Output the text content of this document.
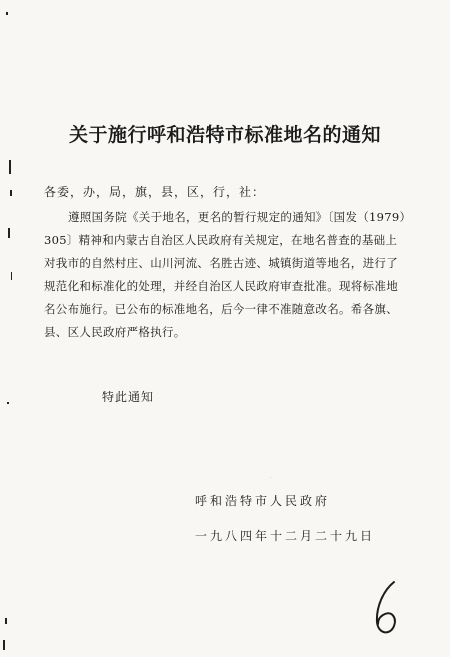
关于施行呼和浩特市标准地名的通知
各委，办，局，旗，县，区，行，社：
遵照国务院《关于地名，更名的暂行规定的通知》〔国发（1979）
305〕精神和内蒙古自治区人民政府有关规定，在地名普查的基础上
对我市的自然村庄、山川河流、名胜古迹、城镇街道等地名，进行了
规范化和标准化的处理，并经自治区人民政府审查批准。现将标准地
名公布施行。已公布的标准地名，后今一律不准随意改名。希各旗、
县、区人民政府严格执行。
特此通知
呼和浩特市人民政府
一九八四年十二月二十九日
6
